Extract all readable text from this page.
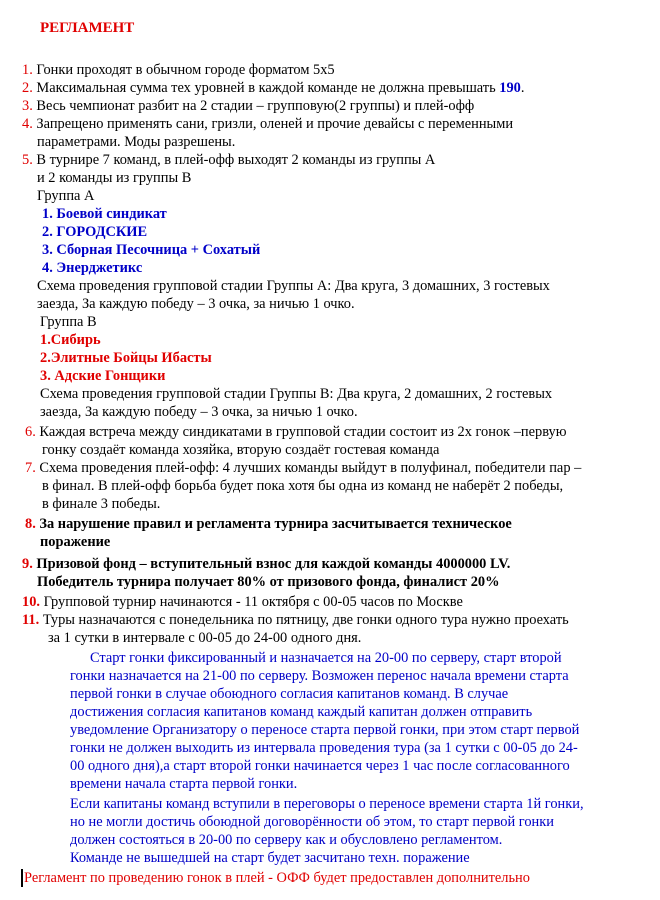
РЕГЛАМЕНТ
1. Гонки проходят в обычном городе форматом 5х5
2. Максимальная сумма тех уровней в каждой команде не должна превышать 190.
3. Весь чемпионат разбит на 2 стадии – групповую(2 группы) и плей-офф
4. Запрещено применять сани, гризли, оленей и прочие девайсы с переменными
параметрами. Моды разрешены.
5. В турнире 7 команд, в плей-офф выходят 2 команды из группы А
и 2 команды из группы В
Группа А
1. Боевой синдикат
2. ГОРОДСКИЕ
3. Сборная Песочница + Сохатый
4. Энерджетикс
Схема проведения групповой стадии Группы А: Два круга, 3 домашних, 3 гостевых
заезда, За каждую победу – 3 очка, за ничью 1 очко.
Группа В
1.Сибирь
2.Элитные Бойцы Ибасты
3. Адские Гонщики
Схема проведения групповой стадии Группы В: Два круга, 2 домашних, 2 гостевых
заезда, За каждую победу – 3 очка, за ничью 1 очко.
6. Каждая встреча между синдикатами в групповой стадии состоит из 2х гонок –первую
гонку создаёт команда хозяйка, вторую создаёт гостевая команда
7. Схема проведения плей-офф: 4 лучших команды выйдут в полуфинал, победители пар –
в финал. В плей-офф борьба будет пока хотя бы одна из команд не наберёт 2 победы,
в финале 3 победы.
8. За нарушение правил и регламента турнира засчитывается техническое
поражение
9. Призовой фонд – вступительный взнос для каждой команды 4000000 LV.
Победитель турнира получает 80% от призового фонда, финалист 20%
10. Групповой турнир начинаются - 11 октября с 00-05 часов по Москве
11. Туры назначаются с понедельника по пятницу, две гонки одного тура нужно проехать
за 1 сутки в интервале с 00-05 до 24-00 одного дня.
Старт гонки фиксированный и назначается на 20-00 по серверу, старт второй
гонки назначается на 21-00 по серверу. Возможен перенос начала времени старта
первой гонки в случае обоюдного согласия капитанов команд. В случае
достижения согласия капитанов команд каждый капитан должен отправить
уведомление Организатору о переносе старта первой гонки, при этом старт первой
гонки не должен выходить из интервала проведения тура (за 1 сутки с 00-05 до 24-
00 одного дня),а старт второй гонки начинается через 1 час после согласованного
времени начала старта первой гонки.
Если капитаны команд вступили в переговоры о переносе времени старта 1й гонки,
но не могли достичь обоюдной договорённости об этом, то старт первой гонки
должен состояться в 20-00 по серверу как и обусловлено регламентом.
Команде не вышедшей на старт будет засчитано техн. поражение
Регламент по проведению гонок в плей - ОФФ будет предоставлен дополнительно
